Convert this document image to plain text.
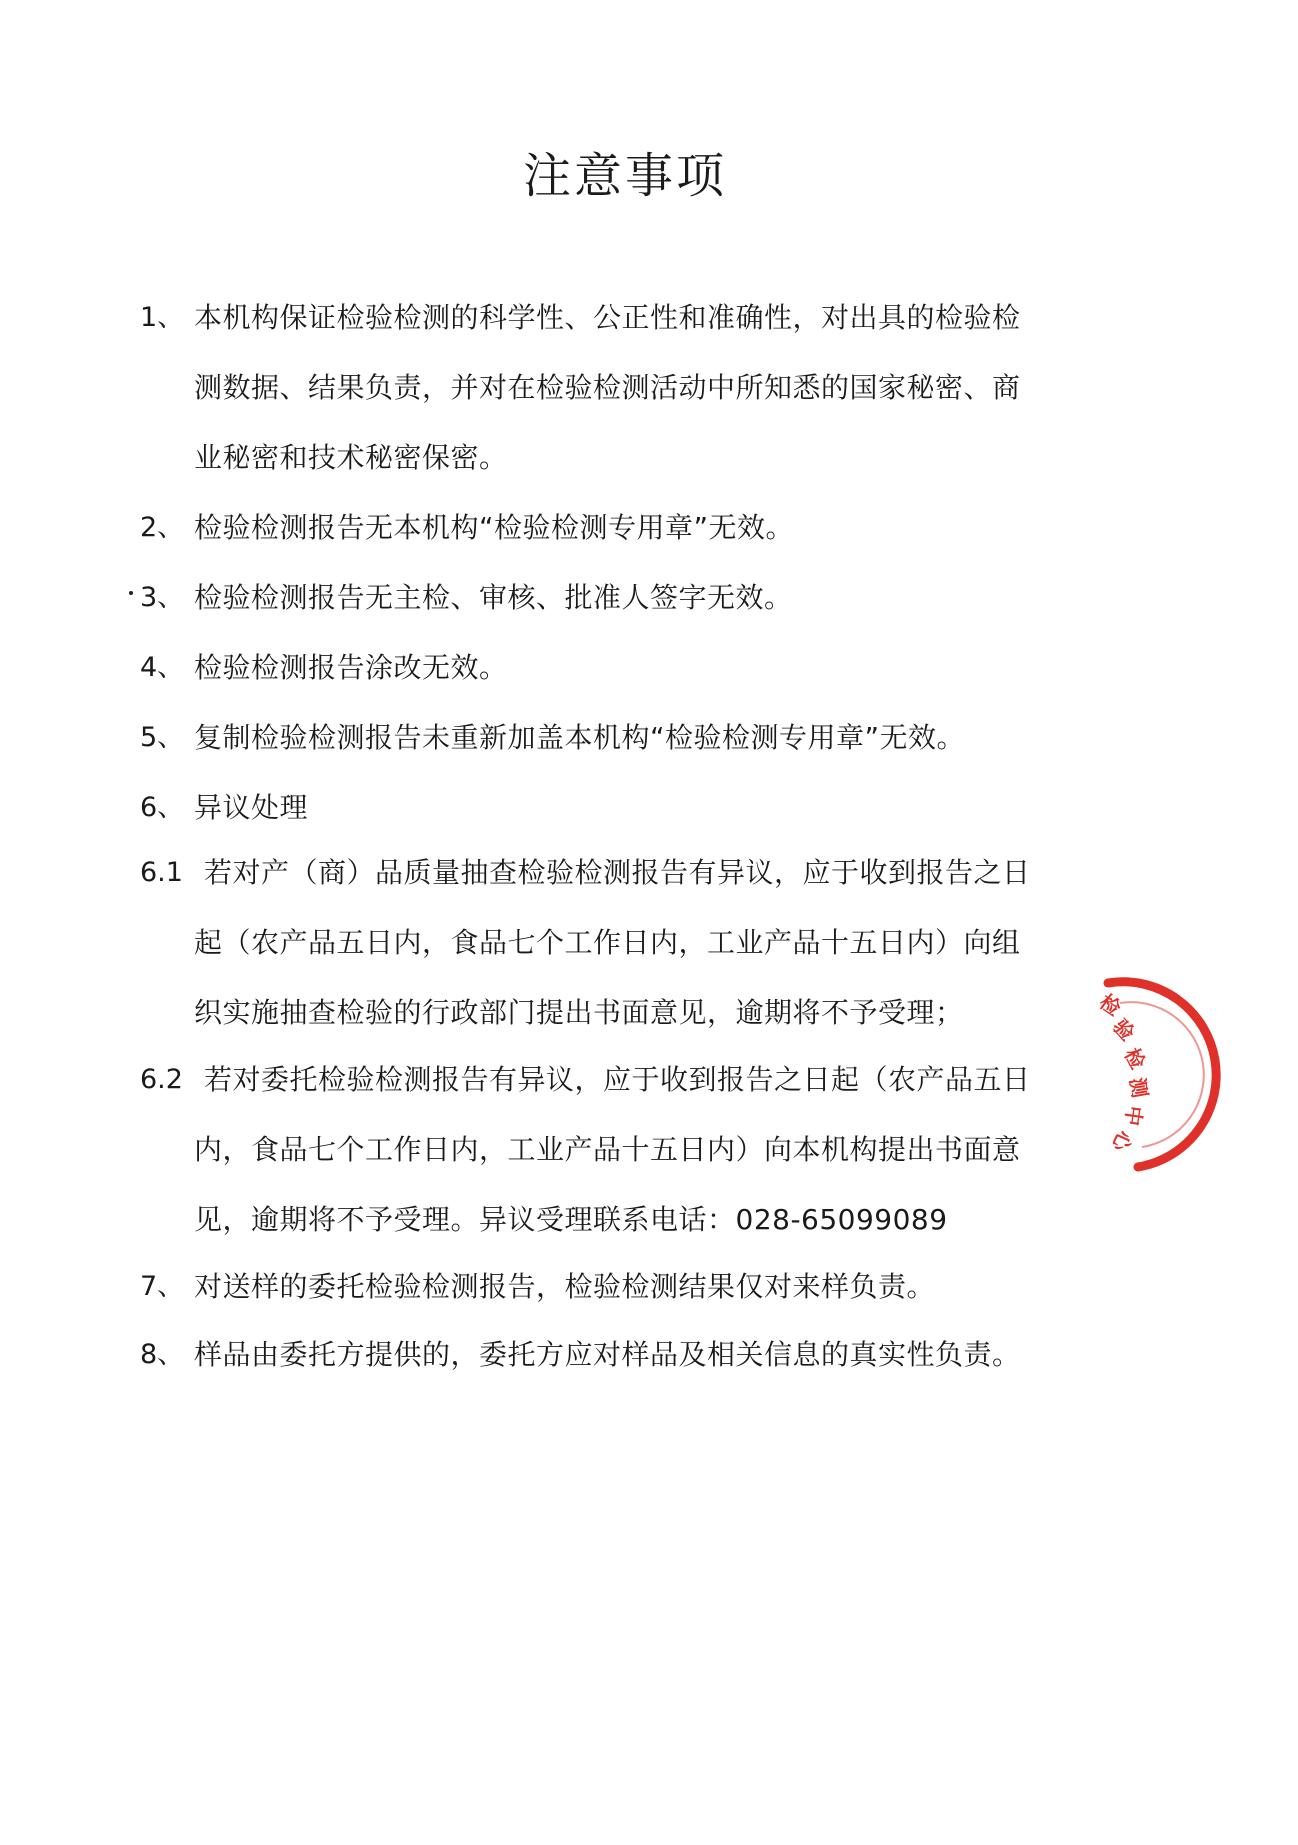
注意事项
1、 本机构保证检验检测的科学性、公正性和准确性，对出具的检验检
测数据、结果负责，并对在检验检测活动中所知悉的国家秘密、商
业秘密和技术秘密保密。
2、 检验检测报告无本机构“检验检测专用章”无效。
3、 检验检测报告无主检、审核、批准人签字无效。
4、 检验检测报告涂改无效。
5、 复制检验检测报告未重新加盖本机构“检验检测专用章”无效。
6、 异议处理
6.1 若对产（商）品质量抽查检验检测报告有异议，应于收到报告之日
起（农产品五日内，食品七个工作日内，工业产品十五日内）向组
织实施抽查检验的行政部门提出书面意见，逾期将不予受理；
6.2 若对委托检验检测报告有异议，应于收到报告之日起（农产品五日
内，食品七个工作日内，工业产品十五日内）向本机构提出书面意
见，逾期将不予受理。异议受理联系电话：028-65099089
7、 对送样的委托检验检测报告，检验检测结果仅对来样负责。
8、 样品由委托方提供的，委托方应对样品及相关信息的真实性负责。
检
验
检
测
中
心
